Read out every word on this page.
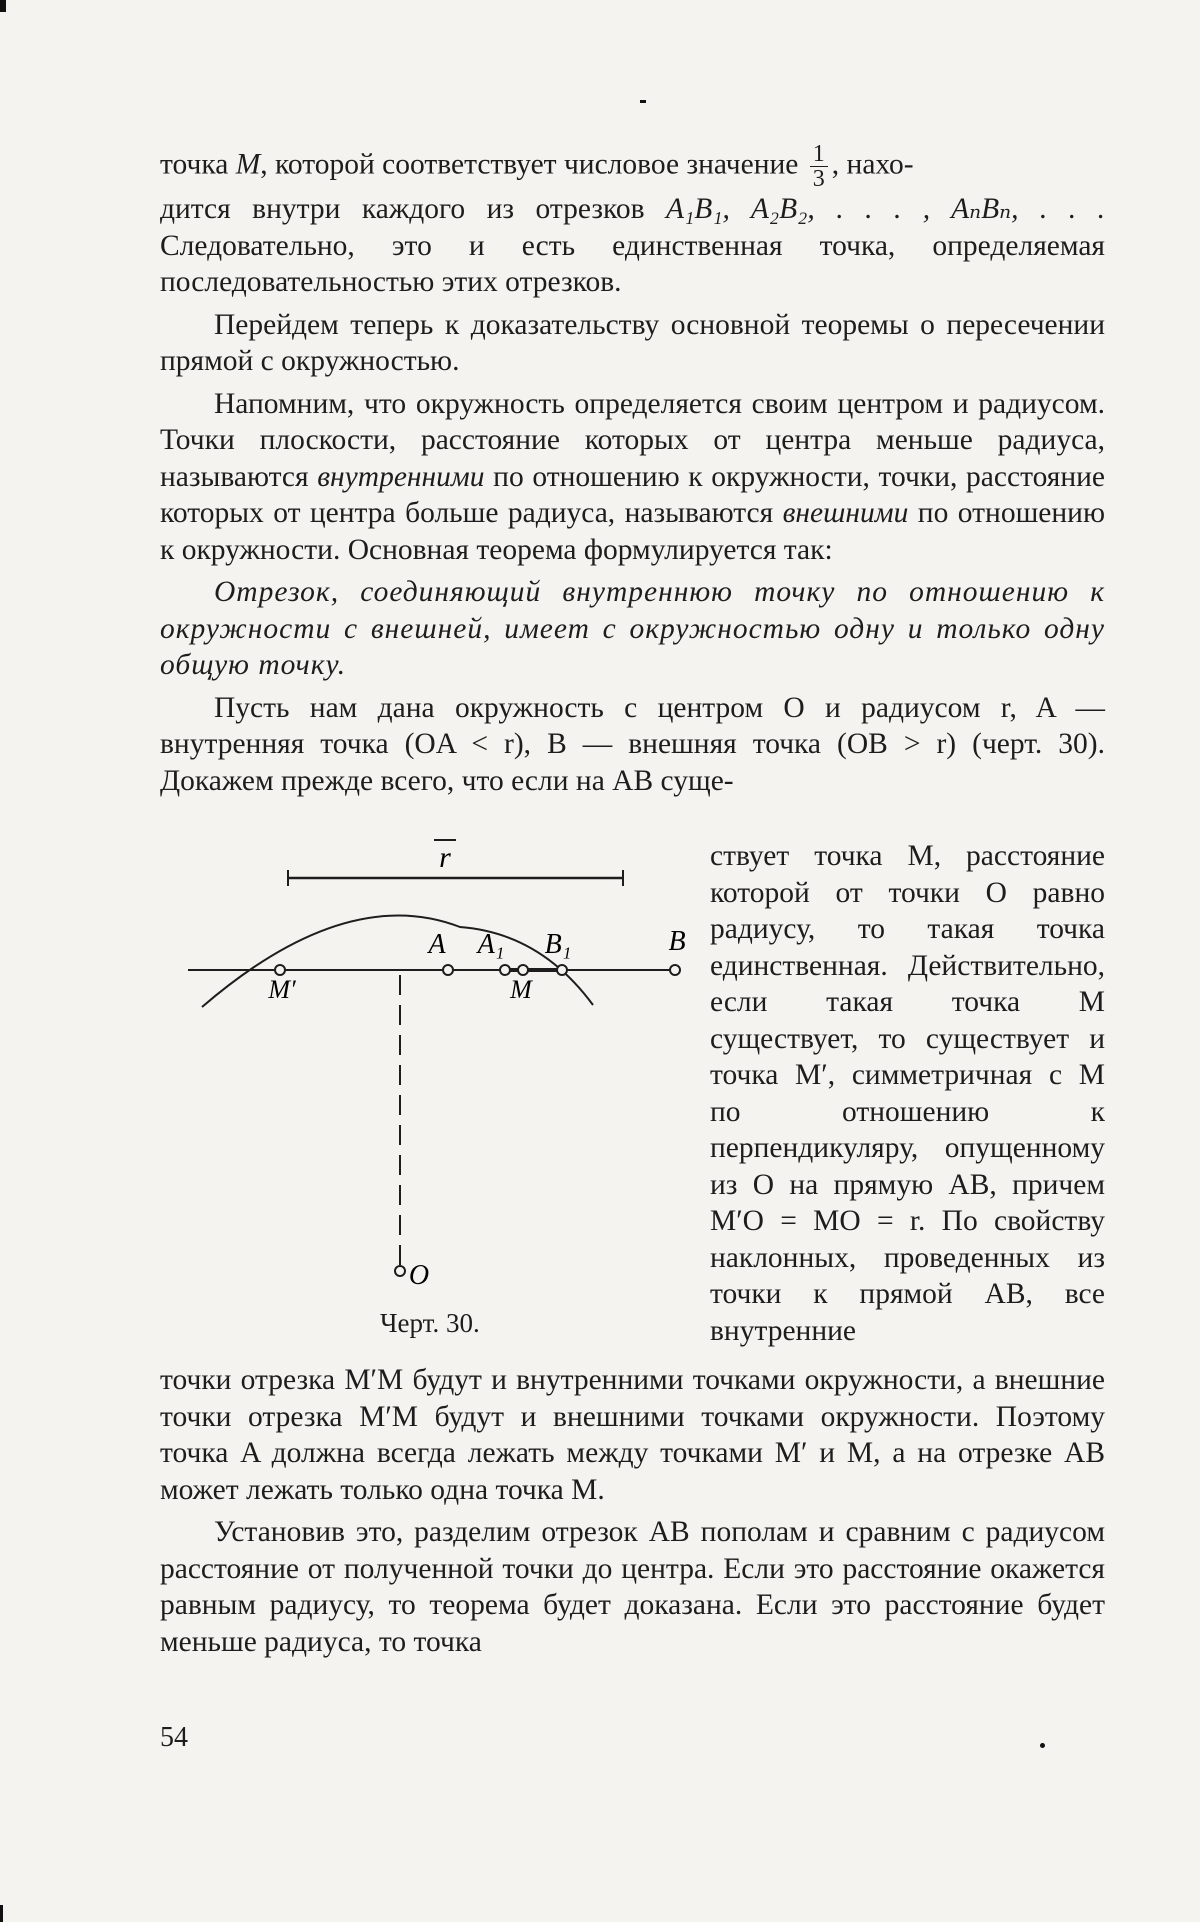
точка M, которой соответствует числовое значение $\frac{1}{3}$ , нахо-
дится внутри каждого из отрезков A₁B₁, A₂B₂, . . . , AₙBₙ, . . . Следовательно, это и есть единственная точка, определяемая последовательностью этих отрезков.

Перейдем теперь к доказательству основной теоремы о пересечении прямой с окружностью.

Напомним, что окружность определяется своим центром и радиусом. Точки плоскости, расстояние которых от центра меньше радиуса, называются внутренними по отношению к окружности, точки, расстояние которых от центра больше радиуса, называются внешними по отношению к окружности. Основная теорема формулируется так:

Отрезок, соединяющий внутреннюю точку по отношению к окружности с внешней, имеет с окружностью одну и только одну общую точку.

Пусть нам дана окружность с центром O и радиусом r, A — внутренняя точка (OA < r), B — внешняя точка (OB > r) (черт. 30). Докажем прежде всего, что если на AB суще-

ствует точка M, расстояние которой от точки O равно радиусу, то такая точка единственная. Действительно, если такая точка M существует, то существует и точка M′, симметричная с M по отношению к перпендикуляру, опущенному из O на прямую AB, причем M′O = MO = r. По свойству наклонных, проведенных из точки к прямой AB, все внутренние

r
A A₁ B₁	B
M
M′
O
Черт. 30.

точки отрезка M′M будут и внутренними точками окружности, а внешние точки отрезка M′M будут и внешними точками окружности. Поэтому точка A должна всегда лежать между точками M′ и M, а на отрезке AB может лежать только одна точка M.

Установив это, разделим отрезок AB пополам и сравним с радиусом расстояние от полученной точки до центра. Если это расстояние окажется равным радиусу, то теорема будет доказана. Если это расстояние будет меньше радиуса, то точка

54
